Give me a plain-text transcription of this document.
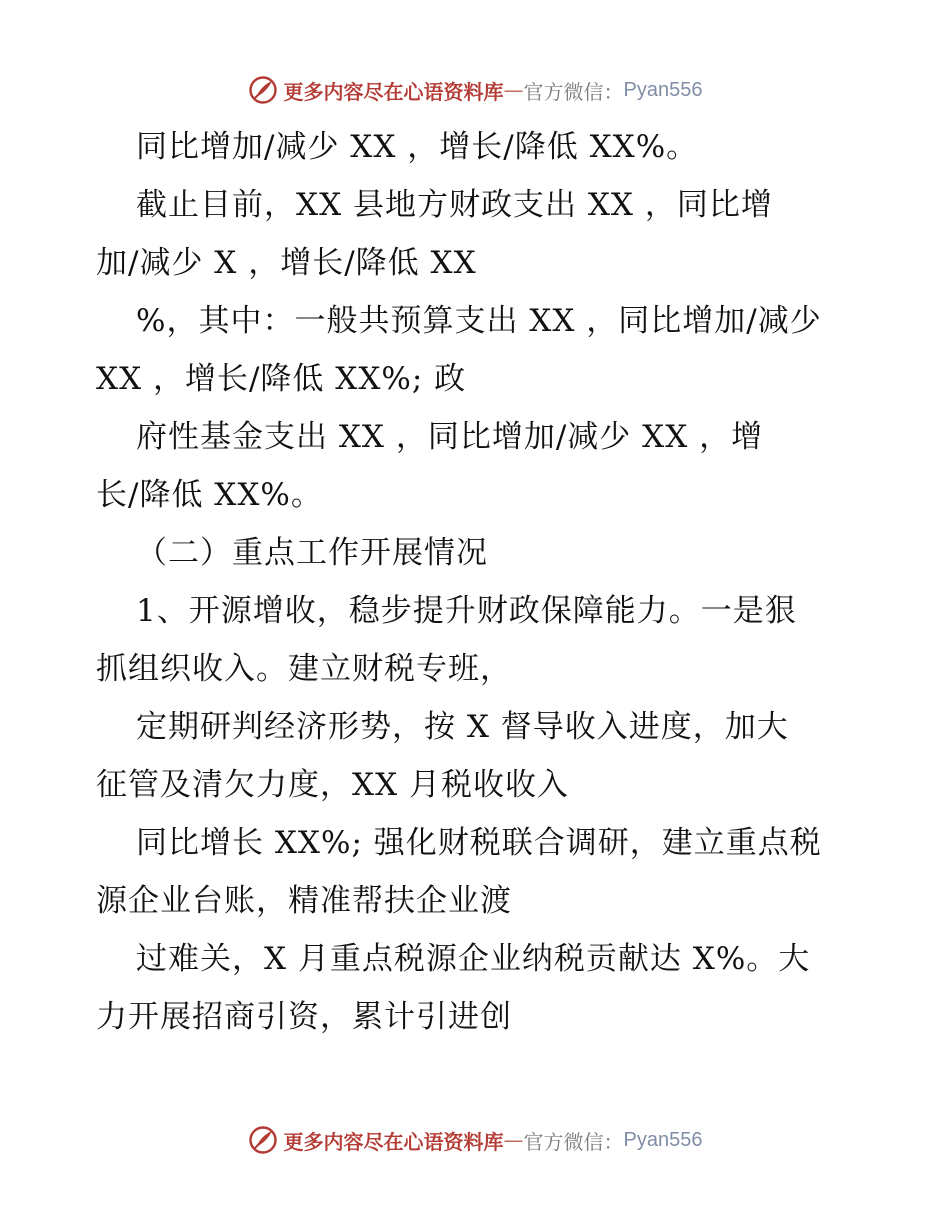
更多内容尽在心语资料库 — 官方微信： Pyan556
同比增加/减少 XX ，增长/降低 XX%。
截止目前，XX 县地方财政支出 XX ，同比增
加/减少 X ，增长/降低 XX
%，其中：一般共预算支出 XX ，同比增加/减少
XX ，增长/降低 XX%; 政
府性基金支出 XX ，同比增加/减少 XX ，增
长/降低 XX%。
（二）重点工作开展情况
1、开源增收，稳步提升财政保障能力。一是狠
抓组织收入。建立财税专班，
定期研判经济形势，按 X 督导收入进度，加大
征管及清欠力度，XX 月税收收入
同比增长 XX%; 强化财税联合调研，建立重点税
源企业台账，精准帮扶企业渡
过难关，X 月重点税源企业纳税贡献达 X%。大
力开展招商引资，累计引进创
更多内容尽在心语资料库 — 官方微信： Pyan556
